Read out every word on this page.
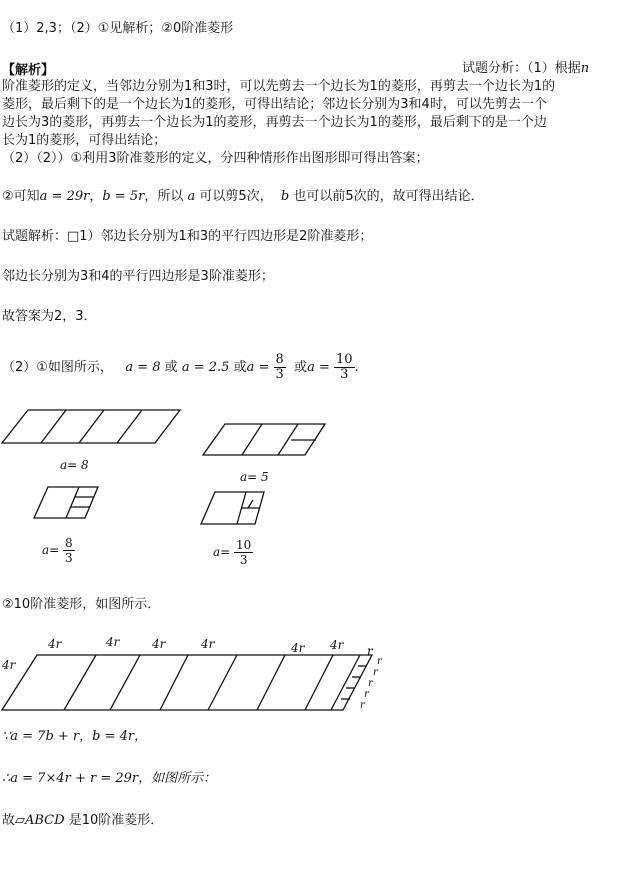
（1）2,3；（2）①见解析；②0阶准菱形
【解析】	试题分析：（1）根据n
阶准菱形的定义，当邻边分别为1和3时，可以先剪去一个边长为1的菱形，再剪去一个边长为1的
菱形，最后剩下的是一个边长为1的菱形，可得出结论；邻边长分别为3和4时，可以先剪去一个
边长为3的菱形，再剪去一个边长为1的菱形，再剪去一个边长为1的菱形，最后剩下的是一个边
长为1的菱形，可得出结论；
（2）（2））①利用3阶准菱形的定义，分四种情形作出图形即可得出答案；
②可知a = 29r，b = 5r，所以 a 可以剪5次， b 也可以前5次的，故可得出结论．
试题解析：□1）邻边长分别为1和3的平行四边形是2阶准菱形；
邻边长分别为3和4的平行四边形是3阶准菱形；
故答案为2，3．
（2）①如图所示， a = 8 或 a = 2.5 或$a = \frac{8}{3}$ 或$a = \frac{10}{3}$ .
a= 8
a= 5
$a= \frac{8}{3}$	$a= \frac{10}{3}$
②10阶准菱形，如图所示．
4r
4r	4r	4r	4r	4r 4r r
r
r
r
r
r
∵a = 7b + r，b = 4r，
∴a = 7×4r + r = 29r，如图所示：
故▱ABCD 是10阶准菱形．
